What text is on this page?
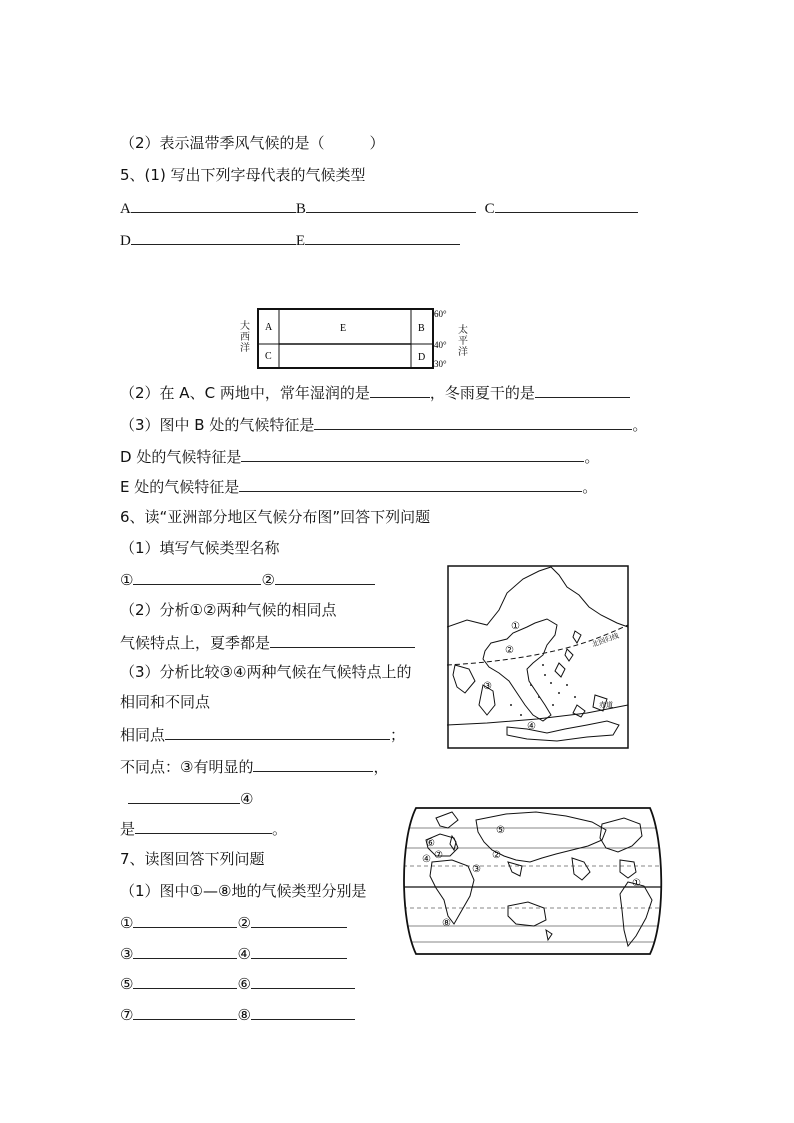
（2）表示温带季风气候的是（　　　）
5、(1) 写出下列字母代表的气候类型
A	B	C
D	E
A
C
E	B
D
60°
40°
30°
大西洋
太平洋
（2）在 A、C 两地中，常年湿润的是	，冬雨夏干的是
（3）图中 B 处的气候特征是	。
D 处的气候特征是	。
E 处的气候特征是	。
6、读“亚洲部分地区气候分布图”回答下列问题
（1）填写气候类型名称
①	②
（2）分析①②两种气候的相同点
气候特点上，夏季都是
（3）分析比较③④两种气候在气候特点上的
相同和不同点
相同点	；
不同点：③有明显的	，
④
是	。
北回归线
赤道
①
②
③
④
7、读图回答下列问题
（1）图中①—⑧地的气候类型分别是
①	②
③	④
⑤	⑥
⑦	⑧
⑤
⑥
⑦	②
③
①
⑧
④
